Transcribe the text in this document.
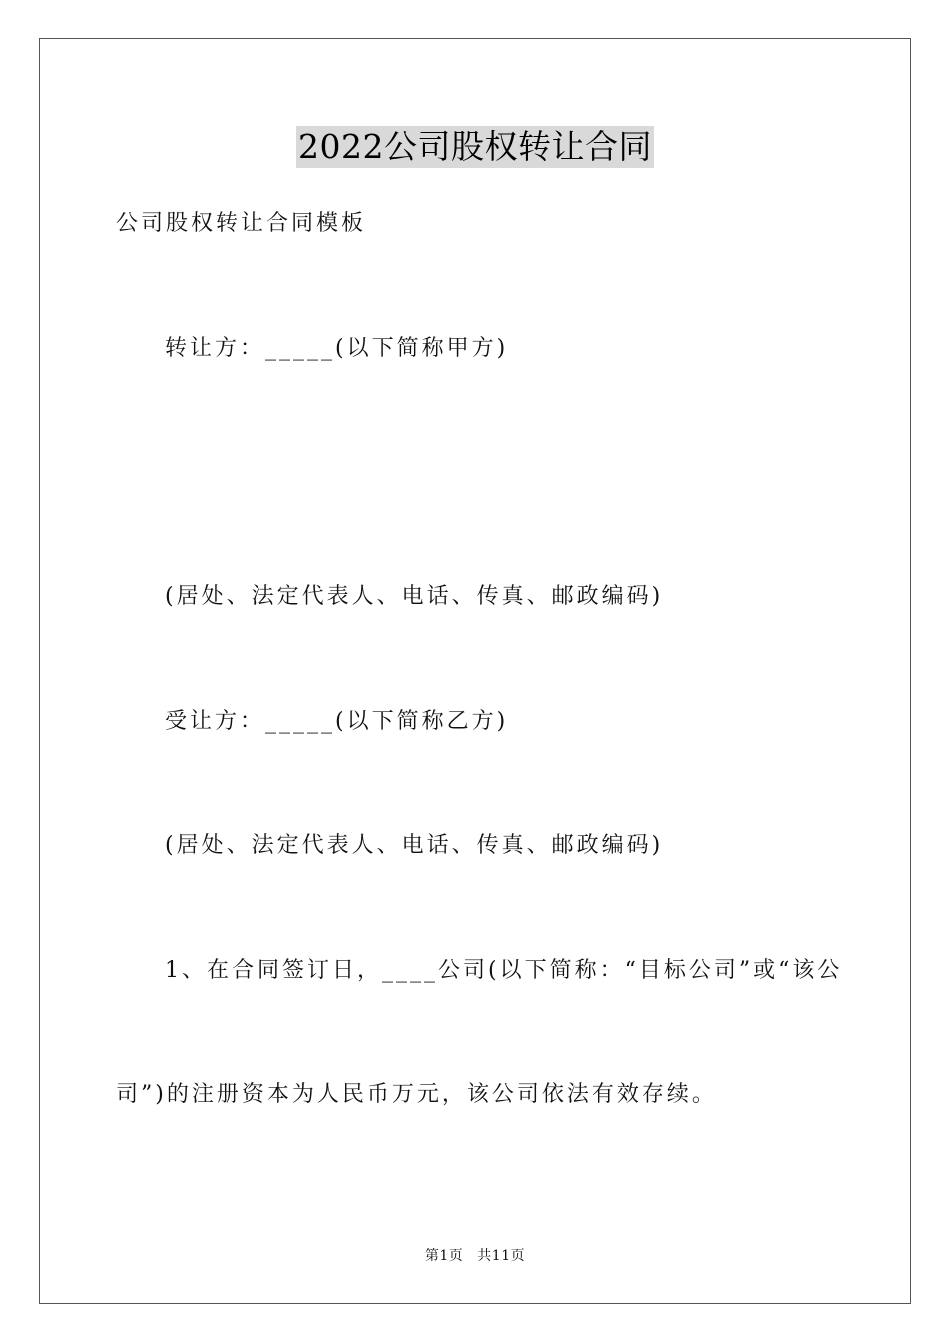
2022公司股权转让合同
公司股权转让合同模板
转让方：_____(以下简称甲方)
(居处、法定代表人、电话、传真、邮政编码)
受让方：_____(以下简称乙方)
(居处、法定代表人、电话、传真、邮政编码)
1、在合同签订日，____公司(以下简称：“目标公司”或“该公
司”)的注册资本为人民币万元，该公司依法有效存续。
第1页 共11页
